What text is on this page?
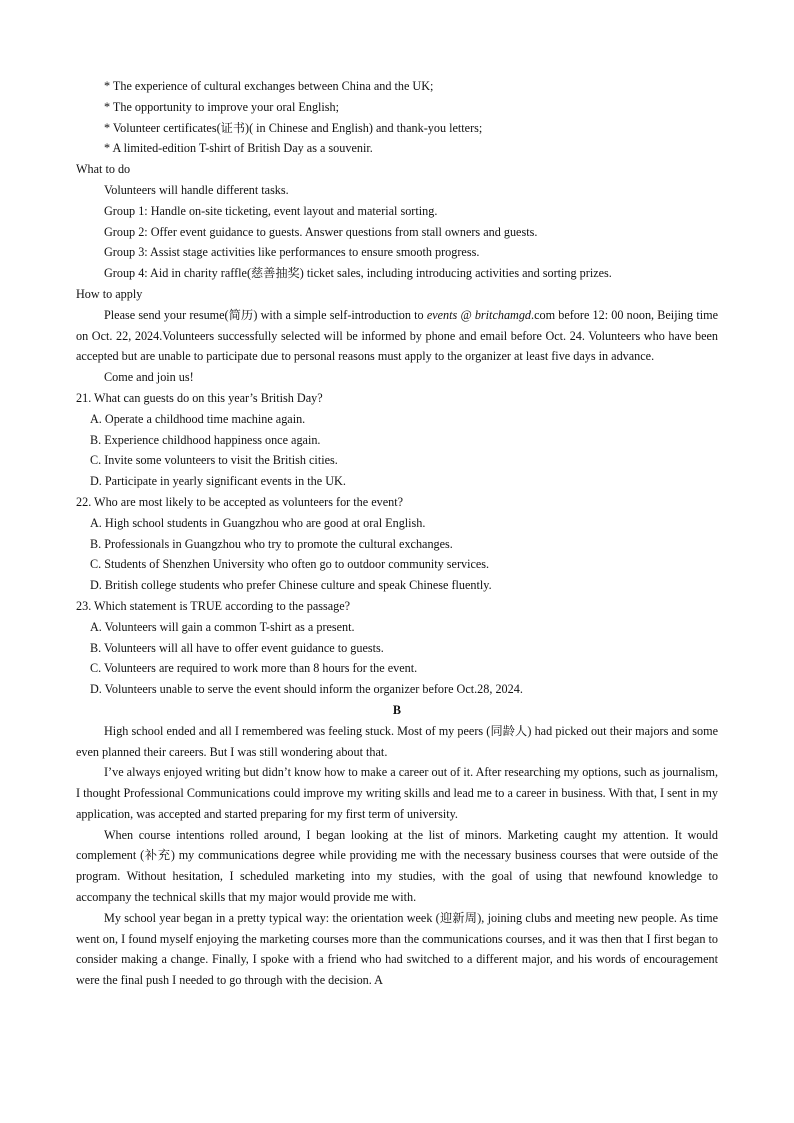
* The experience of cultural exchanges between China and the UK;

* The opportunity to improve your oral English;

* Volunteer certificates(证书)( in Chinese and English) and thank-you letters;

* A limited-edition T-shirt of British Day as a souvenir.

What to do

Volunteers will handle different tasks.

Group 1: Handle on-site ticketing, event layout and material sorting.

Group 2: Offer event guidance to guests. Answer questions from stall owners and guests.

Group 3: Assist stage activities like performances to ensure smooth progress.

Group 4: Aid in charity raffle(慈善抽奖) ticket sales, including introducing activities and sorting prizes.

How to apply

Please send your resume(简历) with a simple self-introduction to events @ britchamgd.com before 12: 00 noon, Beijing time on Oct. 22, 2024.Volunteers successfully selected will be informed by phone and email before Oct. 24. Volunteers who have been accepted but are unable to participate due to personal reasons must apply to the organizer at least five days in advance.

Come and join us!

21. What can guests do on this year’s British Day?

A. Operate a childhood time machine again.

B. Experience childhood happiness once again.

C. Invite some volunteers to visit the British cities.

D. Participate in yearly significant events in the UK.

22. Who are most likely to be accepted as volunteers for the event?

A. High school students in Guangzhou who are good at oral English.

B. Professionals in Guangzhou who try to promote the cultural exchanges.

C. Students of Shenzhen University who often go to outdoor community services.

D. British college students who prefer Chinese culture and speak Chinese fluently.

23. Which statement is TRUE according to the passage?

A. Volunteers will gain a common T-shirt as a present.

B. Volunteers will all have to offer event guidance to guests.

C. Volunteers are required to work more than 8 hours for the event.

D. Volunteers unable to serve the event should inform the organizer before Oct.28, 2024.

B

High school ended and all I remembered was feeling stuck. Most of my peers (同龄人) had picked out their majors and some even planned their careers. But I was still wondering about that.

I’ve always enjoyed writing but didn’t know how to make a career out of it. After researching my options, such as journalism, I thought Professional Communications could improve my writing skills and lead me to a career in business. With that, I sent in my application, was accepted and started preparing for my first term of university.

When course intentions rolled around, I began looking at the list of minors. Marketing caught my attention. It would complement (补充) my communications degree while providing me with the necessary business courses that were outside of the program. Without hesitation, I scheduled marketing into my studies, with the goal of using that newfound knowledge to accompany the technical skills that my major would provide me with.

My school year began in a pretty typical way: the orientation week (迎新周), joining clubs and meeting new people. As time went on, I found myself enjoying the marketing courses more than the communications courses, and it was then that I first began to consider making a change. Finally, I spoke with a friend who had switched to a different major, and his words of encouragement were the final push I needed to go through with the decision. A
